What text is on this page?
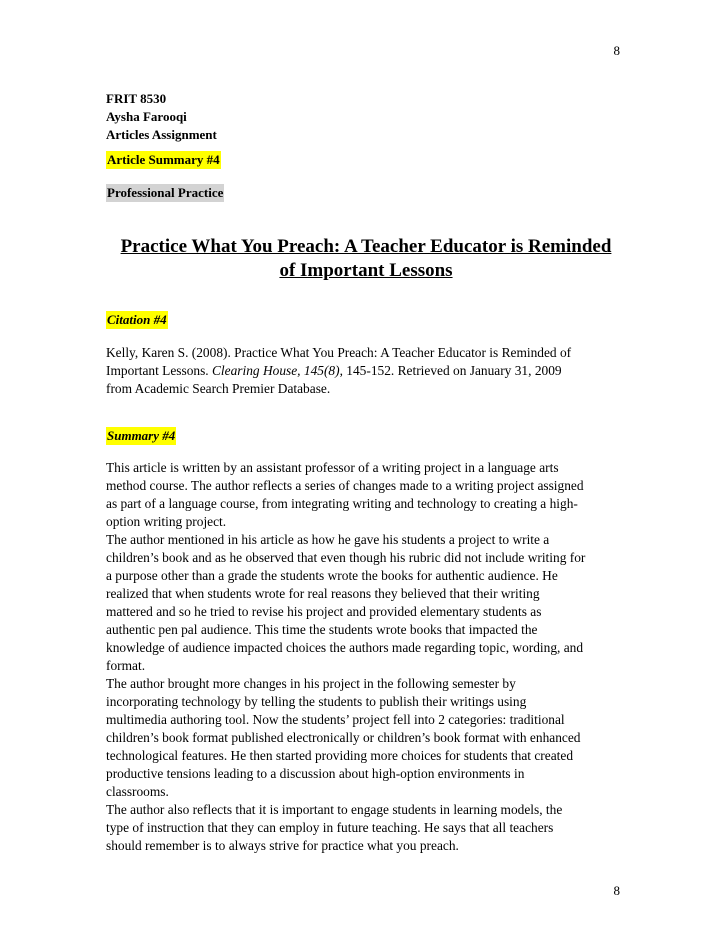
8
FRIT 8530
Aysha Farooqi
Articles Assignment
Article Summary #4
Professional Practice
Practice What You Preach: A Teacher Educator is Reminded
of Important Lessons
Citation #4
Kelly, Karen S. (2008). Practice What You Preach: A Teacher Educator is Reminded of
Important Lessons. Clearing House, 145(8), 145-152. Retrieved on January 31, 2009
from Academic Search Premier Database.
Summary #4
This article is written by an assistant professor of a writing project in a language arts
method course. The author reflects a series of changes made to a writing project assigned
as part of a language course, from integrating writing and technology to creating a high-
option writing project.
The author mentioned in his article as how he gave his students a project to write a
children’s book and as he observed that even though his rubric did not include writing for
a purpose other than a grade the students wrote the books for authentic audience. He
realized that when students wrote for real reasons they believed that their writing
mattered and so he tried to revise his project and provided elementary students as
authentic pen pal audience. This time the students wrote books that impacted the
knowledge of audience impacted choices the authors made regarding topic, wording, and
format.
The author brought more changes in his project in the following semester by
incorporating technology by telling the students to publish their writings using
multimedia authoring tool. Now the students’ project fell into 2 categories: traditional
children’s book format published electronically or children’s book format with enhanced
technological features. He then started providing more choices for students that created
productive tensions leading to a discussion about high-option environments in
classrooms.
The author also reflects that it is important to engage students in learning models, the
type of instruction that they can employ in future teaching. He says that all teachers
should remember is to always strive for practice what you preach.
8
